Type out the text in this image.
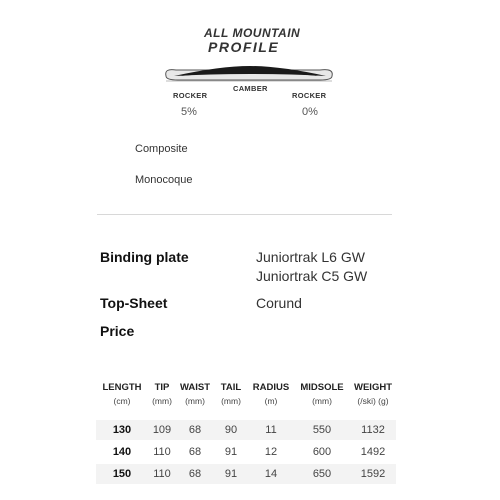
ALL MOUNTAIN
PROFILE
ROCKER
CAMBER
ROCKER
5%	0%
Composite
Monocoque
Binding plate	Juniortrak L6 GW
Juniortrak C5 GW
Top-Sheet	Corund
Price
LENGTH	TIP	WAIST	TAIL	RADIUS	MIDSOLE	WEIGHT
(cm)	(mm)	(mm)	(mm)	(m)	(mm)	(/ski) (g)
130	109	68	90	11	550	1132
140	110	68	91	12	600	1492
150	110	68	91	14	650	1592
